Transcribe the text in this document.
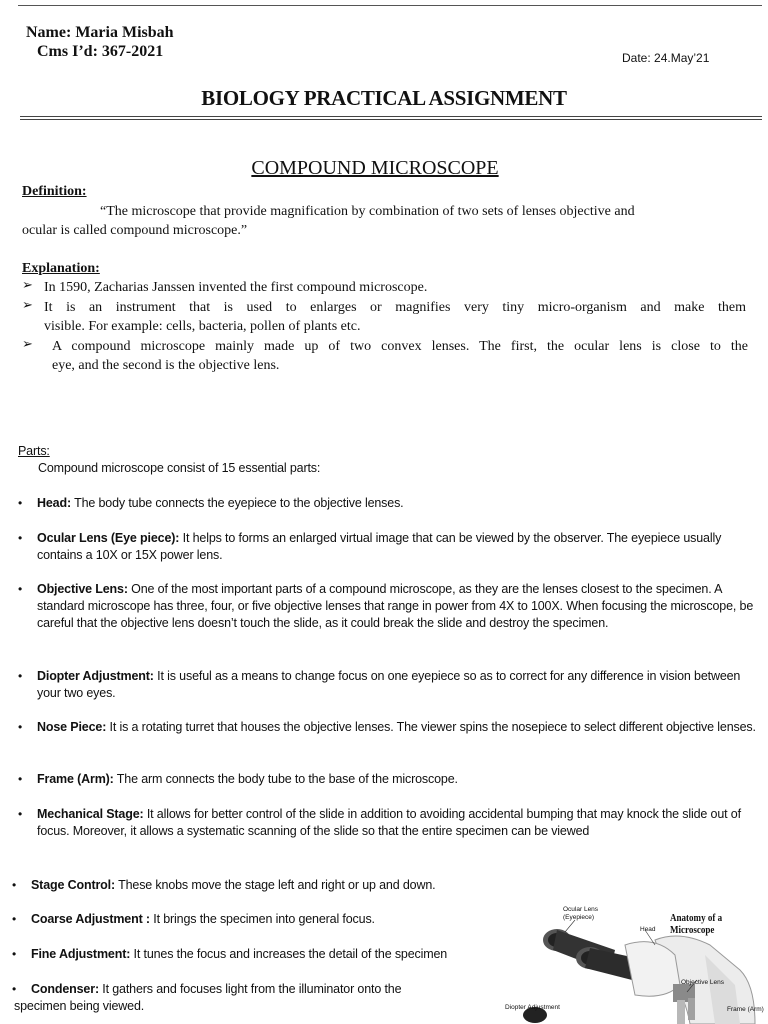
Name: Maria Misbah
Cms I’d: 367-2021	Date: 24.May’21
BIOLOGY PRACTICAL ASSIGNMENT
COMPOUND MICROSCOPE
Definition:
“The microscope that provide magnification by combination of two sets of lenses objective and
ocular is called compound microscope.”
Explanation:
➢ In 1590, Zacharias Janssen invented the first compound microscope.
➢ It is an instrument that is used to enlarges or magnifies very tiny micro-organism and make them
visible. For example: cells, bacteria, pollen of plants etc.
➢ A compound microscope mainly made up of two convex lenses. The first, the ocular lens is close to the
eye, and the second is the objective lens.
Parts:
Compound microscope consist of 15 essential parts:
• Head: The body tube connects the eyepiece to the objective lenses.
• Ocular Lens (Eye piece): It helps to forms an enlarged virtual image that can be viewed by the observer. The eyepiece usually contains a 10X or 15X power lens.
• Objective Lens: One of the most important parts of a compound microscope, as they are the lenses closest to the specimen. A standard microscope has three, four, or five objective lenses that range in power from 4X to 100X. When focusing the microscope, be careful that the objective lens doesn’t touch the slide, as it could break the slide and destroy the specimen.
• Diopter Adjustment: It is useful as a means to change focus on one eyepiece so as to correct for any difference in vision between your two eyes.
• Nose Piece: It is a rotating turret that houses the objective lenses. The viewer spins the nosepiece to select different objective lenses.
• Frame (Arm): The arm connects the body tube to the base of the microscope.
• Mechanical Stage: It allows for better control of the slide in addition to avoiding accidental bumping that may knock the slide out of focus. Moreover, it allows a systematic scanning of the slide so that the entire specimen can be viewed
• Stage Control: These knobs move the stage left and right or up and down.
• Coarse Adjustment : It brings the specimen into general focus.
• Fine Adjustment: It tunes the focus and increases the detail of the specimen
• Condenser: It gathers and focuses light from the illuminator onto the
specimen being viewed.
Ocular Lens (Eyepiece)	Anatomy of a Microscope
Head
Objective Lens
Diopter Adjustment	Frame (Arm)
